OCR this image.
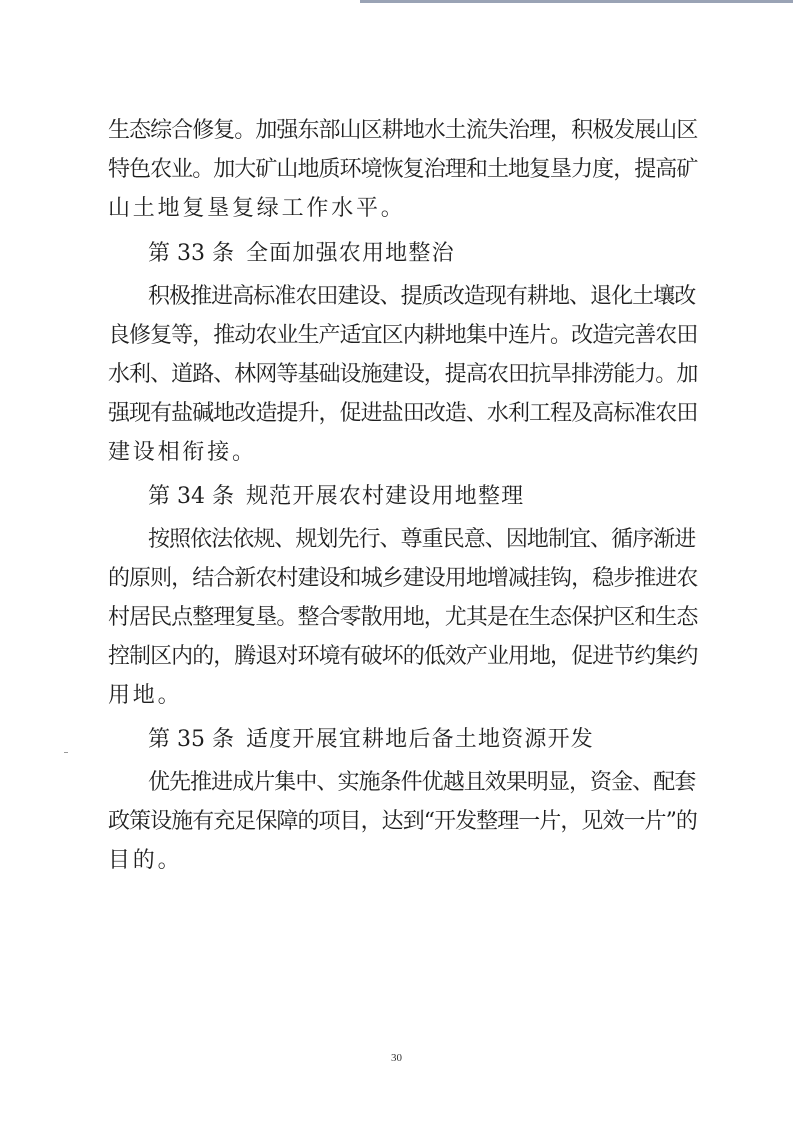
生态综合修复。加强东部山区耕地水土流失治理，积极发展山区
特色农业。加大矿山地质环境恢复治理和土地复垦力度，提高矿
山土地复垦复绿工作水平。
第 33 条 全面加强农用地整治
积极推进高标准农田建设、提质改造现有耕地、退化土壤改
良修复等，推动农业生产适宜区内耕地集中连片。改造完善农田
水利、道路、林网等基础设施建设，提高农田抗旱排涝能力。加
强现有盐碱地改造提升，促进盐田改造、水利工程及高标准农田
建设相衔接。
第 34 条 规范开展农村建设用地整理
按照依法依规、规划先行、尊重民意、因地制宜、循序渐进
的原则，结合新农村建设和城乡建设用地增减挂钩，稳步推进农
村居民点整理复垦。整合零散用地，尤其是在生态保护区和生态
控制区内的，腾退对环境有破坏的低效产业用地，促进节约集约
用地。
第 35 条 适度开展宜耕地后备土地资源开发
优先推进成片集中、实施条件优越且效果明显，资金、配套
政策设施有充足保障的项目，达到“开发整理一片，见效一片”的
目的。
30
